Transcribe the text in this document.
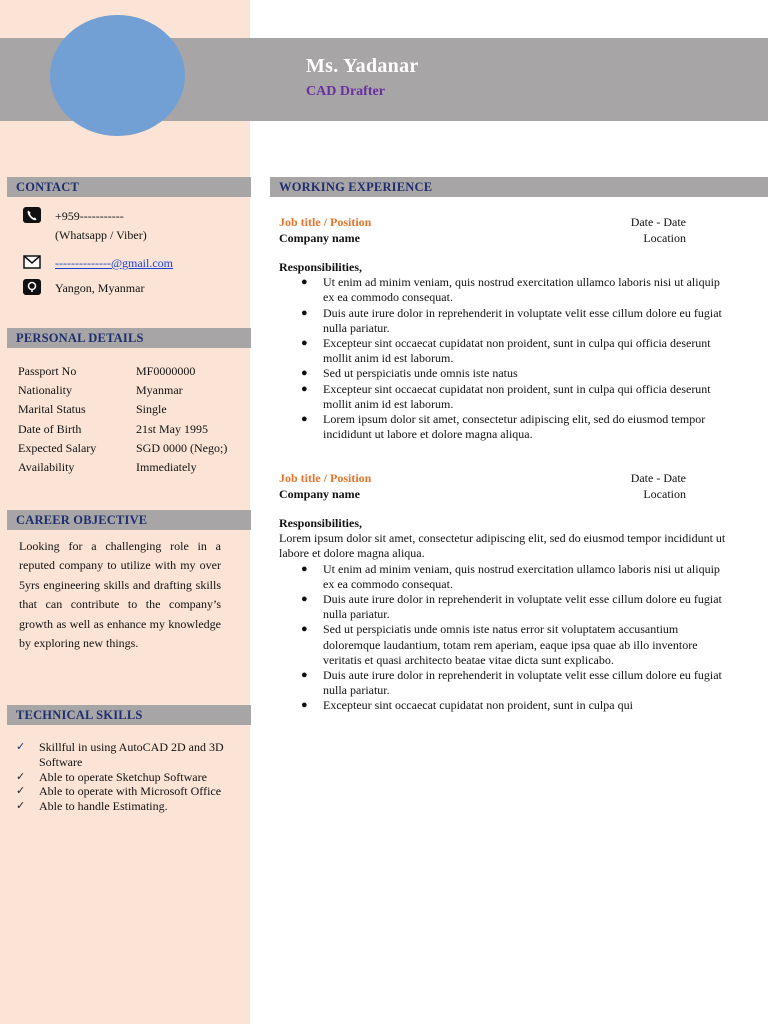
Ms. Yadanar
CAD Drafter
CONTACT
+959-----------
(Whatsapp / Viber)
--------------@gmail.com
Yangon, Myanmar
PERSONAL DETAILS
Passport No	MF0000000
Nationality	Myanmar
Marital Status	Single
Date of Birth	21st May 1995
Expected Salary	SGD 0000 (Nego;)
Availability	Immediately
CAREER OBJECTIVE
Looking for a challenging role in a reputed company to utilize with my over 5yrs engineering skills and drafting skills that can contribute to the company’s growth as well as enhance my knowledge by exploring new things.
TECHNICAL SKILLS
✓	Skillful in using AutoCAD 2D and 3D Software
✓	Able to operate Sketchup Software
✓	Able to operate with Microsoft Office
✓	Able to handle Estimating.
WORKING EXPERIENCE
Job title / Position	Date - Date
Company name	Location
Responsibilities,
●	Ut enim ad minim veniam, quis nostrud exercitation ullamco laboris nisi ut aliquip ex ea commodo consequat.
●	Duis aute irure dolor in reprehenderit in voluptate velit esse cillum dolore eu fugiat nulla pariatur.
●	Excepteur sint occaecat cupidatat non proident, sunt in culpa qui officia deserunt mollit anim id est laborum.
●	Sed ut perspiciatis unde omnis iste natus
●	Excepteur sint occaecat cupidatat non proident, sunt in culpa qui officia deserunt mollit anim id est laborum.
●	Lorem ipsum dolor sit amet, consectetur adipiscing elit, sed do eiusmod tempor incididunt ut labore et dolore magna aliqua.
Job title / Position	Date - Date
Company name	Location
Responsibilities,
Lorem ipsum dolor sit amet, consectetur adipiscing elit, sed do eiusmod tempor incididunt ut labore et dolore magna aliqua.
●	Ut enim ad minim veniam, quis nostrud exercitation ullamco laboris nisi ut aliquip ex ea commodo consequat.
●	Duis aute irure dolor in reprehenderit in voluptate velit esse cillum dolore eu fugiat nulla pariatur.
●	Sed ut perspiciatis unde omnis iste natus error sit voluptatem accusantium doloremque laudantium, totam rem aperiam, eaque ipsa quae ab illo inventore veritatis et quasi architecto beatae vitae dicta sunt explicabo.
●	Duis aute irure dolor in reprehenderit in voluptate velit esse cillum dolore eu fugiat nulla pariatur.
●	Excepteur sint occaecat cupidatat non proident, sunt in culpa qui
